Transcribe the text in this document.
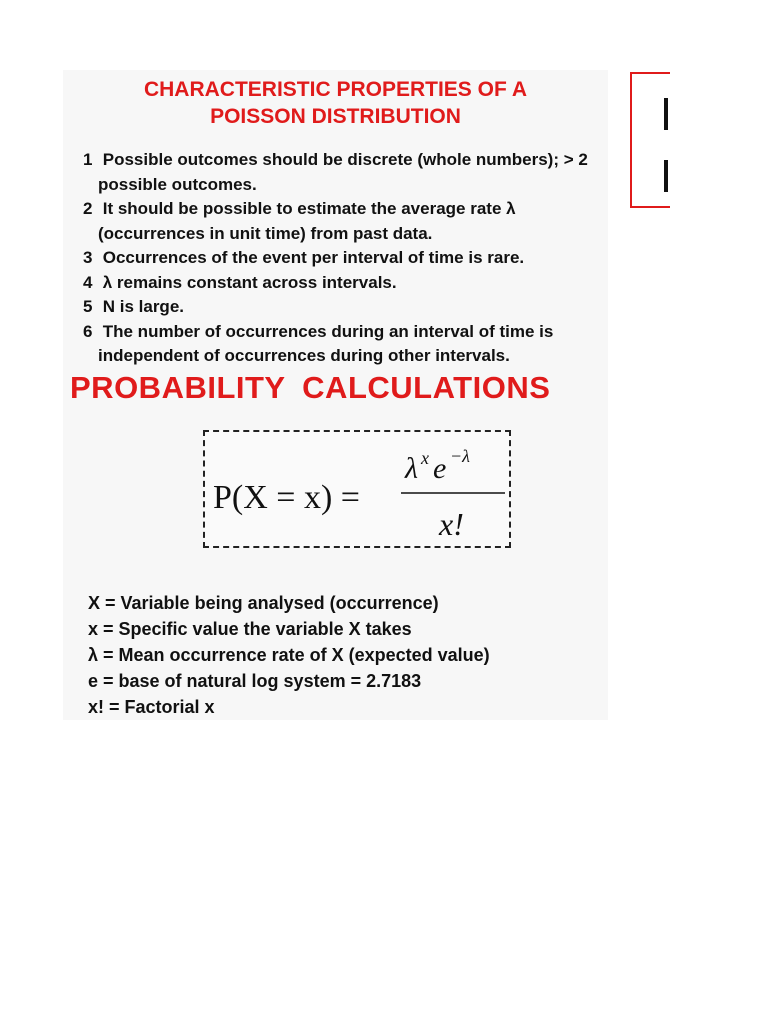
CHARACTERISTIC PROPERTIES OF A
POISSON DISTRIBUTION
1 Possible outcomes should be discrete (whole numbers); > 2 possible outcomes.
2 It should be possible to estimate the average rate λ (occurrences in unit time) from past data.
3 Occurrences of the event per interval of time is rare.
4 λ remains constant across intervals.
5 N is large.
6 The number of occurrences during an interval of time is independent of occurrences during other intervals.
PROBABILITY CALCULATIONS
P(X = x) =
λ x e −λ
x!
X = Variable being analysed (occurrence)
x = Specific value the variable X takes
λ = Mean occurrence rate of X (expected value)
e = base of natural log system = 2.7183
x! = Factorial x
